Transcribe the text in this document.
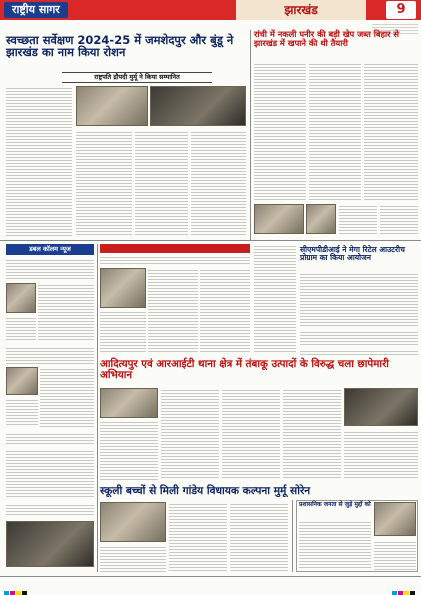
राष्ट्रीय सागर	झारखंड	9
स्वच्छता सर्वेक्षण 2024-25 में जमशेदपुर और बुंडू ने झारखंड का नाम किया रोशन
राष्ट्रपति द्रौपदी मुर्मू ने किया सम्मानित
रांची में नकली पनीर की बड़ी खेप जब्त बिहार से झारखंड में खपाने की थी तैयारी
डबल कॉलम न्यूज	सीएमपीडीआई ने मेगा रिटेल आउटरीच प्रोग्राम का किया आयोजन
आदित्यपुर एवं आरआईटी थाना क्षेत्र में तंबाकू उत्पादों के विरुद्ध चला छापेमारी अभियान
स्कूली बच्चों से मिली गांडेय विधायक कल्पना मुर्मू सोरेन
प्रशासनिक जनता से जुड़े मुद्दों को
